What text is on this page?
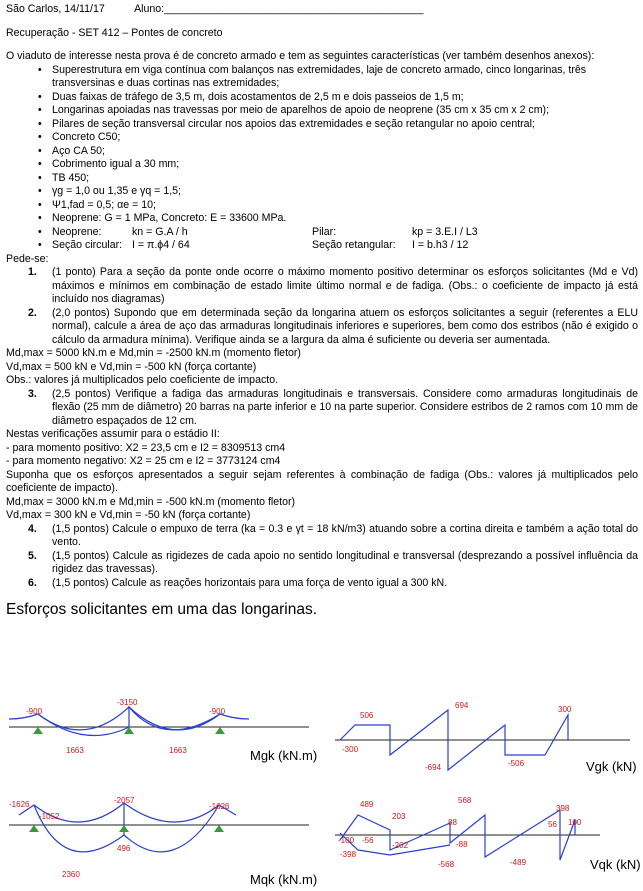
São Carlos, 14/11/17	Aluno:____________________________________________

Recuperação - SET 412 – Pontes de concreto

O viaduto de interesse nesta prova é de concreto armado e tem as seguintes características (ver também desenhos anexos):

• Superestrutura em viga contínua com balanços nas extremidades, laje de concreto armado, cinco longarinas, três transversinas e duas cortinas nas extremidades;

• Duas faixas de tráfego de 3,5 m, dois acostamentos de 2,5 m e dois passeios de 1,5 m;

• Longarinas apoiadas nas travessas por meio de aparelhos de apoio de neoprene (35 cm x 35 cm x 2 cm);

• Pilares de seção transversal circular nos apoios das extremidades e seção retangular no apoio central;

• Concreto C50;

• Aço CA 50;

• Cobrimento igual a 30 mm;

• TB 450;

• γg = 1,0 ou 1,35 e γq = 1,5;

• Ψ1,fad = 0,5; αe = 10;

• Neoprene: G = 1 MPa, Concreto: E = 33600 MPa.

• Neoprene:	kn = G.A / h	Pilar:	kp = 3.E.I / L3

• Seção circular: I = π.ϕ4 / 64	Seção retangular:	I = b.h3 / 12

Pede-se:

1. (1 ponto) Para a seção da ponte onde ocorre o máximo momento positivo determinar os esforços solicitantes (Md e Vd) máximos e mínimos em combinação de estado limite último normal e de fadiga. (Obs.: o coeficiente de impacto já está incluído nos diagramas)

2. (2,0 pontos) Supondo que em determinada seção da longarina atuem os esforços solicitantes a seguir (referentes a ELU normal), calcule a área de aço das armaduras longitudinais inferiores e superiores, bem como dos estribos (não é exigido o cálculo da armadura mínima). Verifique ainda se a largura da alma é suficiente ou deveria ser aumentada.

Md,max = 5000 kN.m e Md,min = -2500 kN.m (momento fletor)

Vd,max = 500 kN e Vd,min = -500 kN (força cortante)

Obs.: valores já multiplicados pelo coeficiente de impacto.

3. (2,5 pontos) Verifique a fadiga das armaduras longitudinais e transversais. Considere como armaduras longitudinais de flexão (25 mm de diâmetro) 20 barras na parte inferior e 10 na parte superior. Considere estribos de 2 ramos com 10 mm de diâmetro espaçados de 12 cm.

Nestas verificações assumir para o estádio II:

- para momento positivo: X2 = 23,5 cm e I2 = 8309513 cm4

- para momento negativo: X2 = 25 cm e I2 = 3773124 cm4

Suponha que os esforços apresentados a seguir sejam referentes à combinação de fadiga (Obs.: valores já multiplicados pelo coeficiente de impacto).

Md,max = 3000 kN.m e Md,min = -500 kN.m (momento fletor)

Vd,max = 300 kN e Vd,min = -50 kN (força cortante)

4. (1,5 pontos) Calcule o empuxo de terra (ka = 0.3 e γt = 18 kN/m3) atuando sobre a cortina direita e também a ação total do vento.

5. (1,5 pontos) Calcule as rigidezes de cada apoio no sentido longitudinal e transversal (desprezando a possível influência da rigidez das travessas).

6. (1,5 pontos) Calcule as reações horizontais para uma força de vento igual a 300 kN.

Esforços solicitantes em uma das longarinas.

-900
-3150
-900
1663	1663	Mgk (kN.m)
506
694	300
-300
-694	-506	Vgk (kN)
-1626	-2057
-1626
-1052
496
2360	Mqk (kN.m)
489	568
398
203
88	56 100
-100 -56
-398
-202	-88
-568	-489	Vqk (kN)
